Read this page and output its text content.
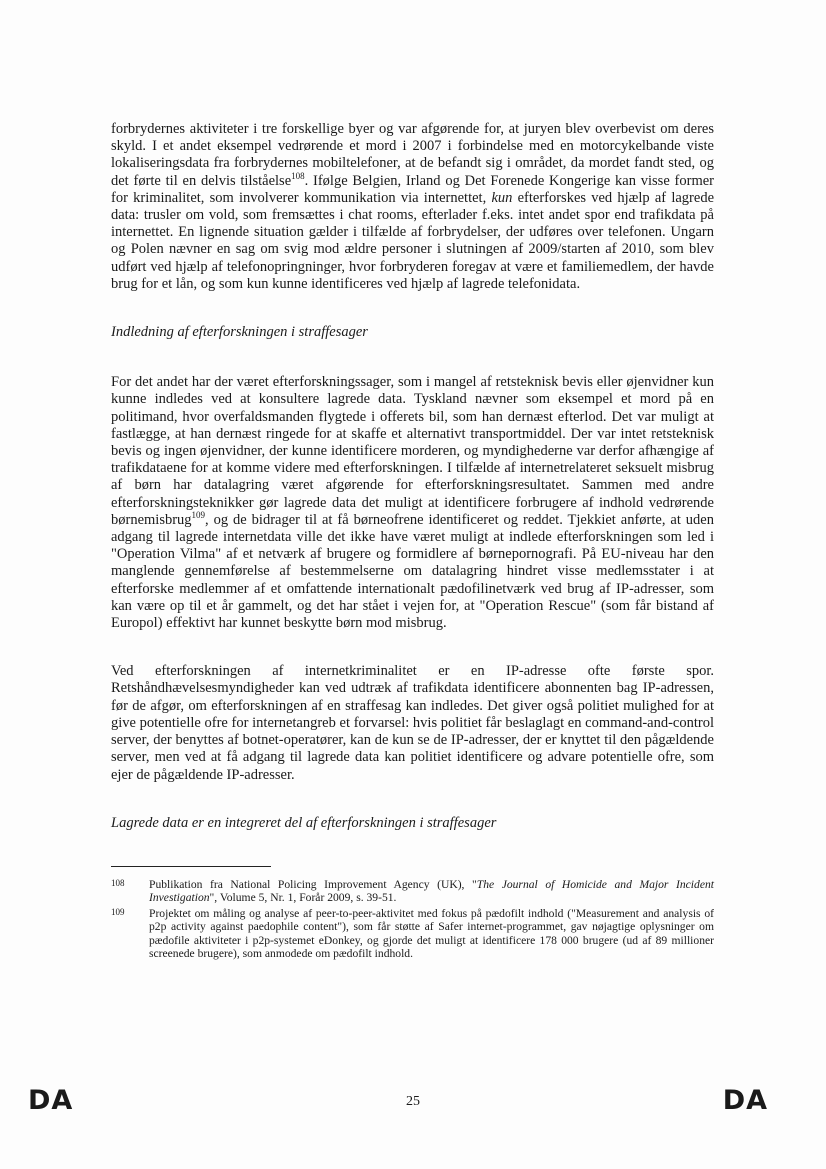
forbrydernes aktiviteter i tre forskellige byer og var afgørende for, at juryen blev overbevist om deres skyld. I et andet eksempel vedrørende et mord i 2007 i forbindelse med en motorcykelbande viste lokaliseringsdata fra forbrydernes mobiltelefoner, at de befandt sig i området, da mordet fandt sted, og det førte til en delvis tilståelse$^{108}$. Ifølge Belgien, Irland og Det Forenede Kongerige kan visse former for kriminalitet, som involverer kommunikation via internettet, kun efterforskes ved hjælp af lagrede data: trusler om vold, som fremsættes i chat rooms, efterlader f.eks. intet andet spor end trafikdata på internettet. En lignende situation gælder i tilfælde af forbrydelser, der udføres over telefonen. Ungarn og Polen nævner en sag om svig mod ældre personer i slutningen af 2009/starten af 2010, som blev udført ved hjælp af telefonopringninger, hvor forbryderen foregav at være et familiemedlem, der havde brug for et lån, og som kun kunne identificeres ved hjælp af lagrede telefonidata.

Indledning af efterforskningen i straffesager

For det andet har der været efterforskningssager, som i mangel af retsteknisk bevis eller øjenvidner kun kunne indledes ved at konsultere lagrede data. Tyskland nævner som eksempel et mord på en politimand, hvor overfaldsmanden flygtede i offerets bil, som han dernæst efterlod. Det var muligt at fastlægge, at han dernæst ringede for at skaffe et alternativt transportmiddel. Der var intet retsteknisk bevis og ingen øjenvidner, der kunne identificere morderen, og myndighederne var derfor afhængige af trafikdataene for at komme videre med efterforskningen. I tilfælde af internetrelateret seksuelt misbrug af børn har datalagring været afgørende for efterforskningsresultatet. Sammen med andre efterforskningsteknikker gør lagrede data det muligt at identificere forbrugere af indhold vedrørende børnemisbrug$^{109}$, og de bidrager til at få børneofrene identificeret og reddet. Tjekkiet anførte, at uden adgang til lagrede internetdata ville det ikke have været muligt at indlede efterforskningen som led i "Operation Vilma" af et netværk af brugere og formidlere af børnepornografi. På EU-niveau har den manglende gennemførelse af bestemmelserne om datalagring hindret visse medlemsstater i at efterforske medlemmer af et omfattende internationalt pædofilinetværk ved brug af IP-adresser, som kan være op til et år gammelt, og det har stået i vejen for, at "Operation Rescue" (som får bistand af Europol) effektivt har kunnet beskytte børn mod misbrug.

Ved efterforskningen af internetkriminalitet er en IP-adresse ofte første spor. Retshåndhævelsesmyndigheder kan ved udtræk af trafikdata identificere abonnenten bag IP-adressen, før de afgør, om efterforskningen af en straffesag kan indledes. Det giver også politiet mulighed for at give potentielle ofre for internetangreb et forvarsel: hvis politiet får beslaglagt en command-and-control server, der benyttes af botnet-operatører, kan de kun se de IP-adresser, der er knyttet til den pågældende server, men ved at få adgang til lagrede data kan politiet identificere og advare potentielle ofre, som ejer de pågældende IP-adresser.

Lagrede data er en integreret del af efterforskningen i straffesager

108	Publikation fra National Policing Improvement Agency (UK), "The Journal of Homicide and Major Incident Investigation", Volume 5, Nr. 1, Forår 2009, s. 39-51.
109	Projektet om måling og analyse af peer-to-peer-aktivitet med fokus på pædofilt indhold ("Measurement and analysis of p2p activity against paedophile content"), som får støtte af Safer internet-programmet, gav nøjagtige oplysninger om pædofile aktiviteter i p2p-systemet eDonkey, og gjorde det muligt at identificere 178 000 brugere (ud af 89 millioner screenede brugere), som anmodede om pædofilt indhold.
DA	25	DA
